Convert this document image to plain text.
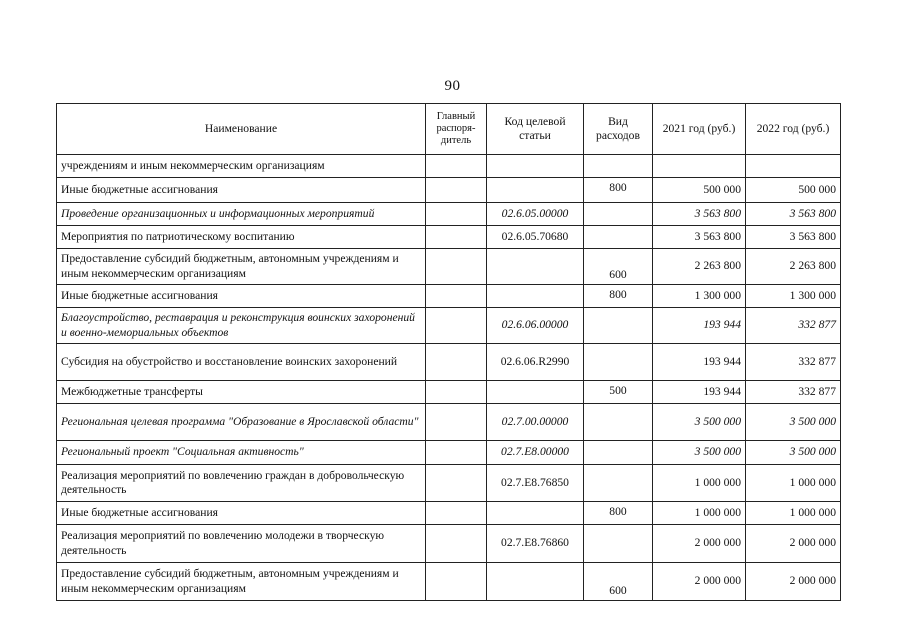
90
Наименование	Главный распоря-дитель	Код целевой статьи	Вид расходов	2021 год (руб.)	2022 год (руб.)
учреждениям и иным некоммерческим организациям					
Иные бюджетные ассигнования			800	500 000	500 000
Проведение организационных и информационных мероприятий		02.6.05.00000		3 563 800	3 563 800
Мероприятия по патриотическому воспитанию		02.6.05.70680		3 563 800	3 563 800
Предоставление субсидий бюджетным, автономным учреждениям и иным некоммерческим организациям			600	2 263 800	2 263 800
Иные бюджетные ассигнования			800	1 300 000	1 300 000
Благоустройство, реставрация и реконструкция воинских захоронений и военно-мемориальных объектов		02.6.06.00000		193 944	332 877
Субсидия на обустройство и восстановление воинских захоронений		02.6.06.R2990		193 944	332 877
Межбюджетные трансферты			500	193 944	332 877
Региональная целевая программа "Образование в Ярославской области"		02.7.00.00000		3 500 000	3 500 000
Региональный проект "Социальная активность"		02.7.E8.00000		3 500 000	3 500 000
Реализация мероприятий по вовлечению граждан в добровольческую деятельность		02.7.E8.76850		1 000 000	1 000 000
Иные бюджетные ассигнования			800	1 000 000	1 000 000
Реализация мероприятий по вовлечению молодежи в творческую деятельность		02.7.E8.76860		2 000 000	2 000 000
Предоставление субсидий бюджетным, автономным учреждениям и иным некоммерческим организациям			600	2 000 000	2 000 000
